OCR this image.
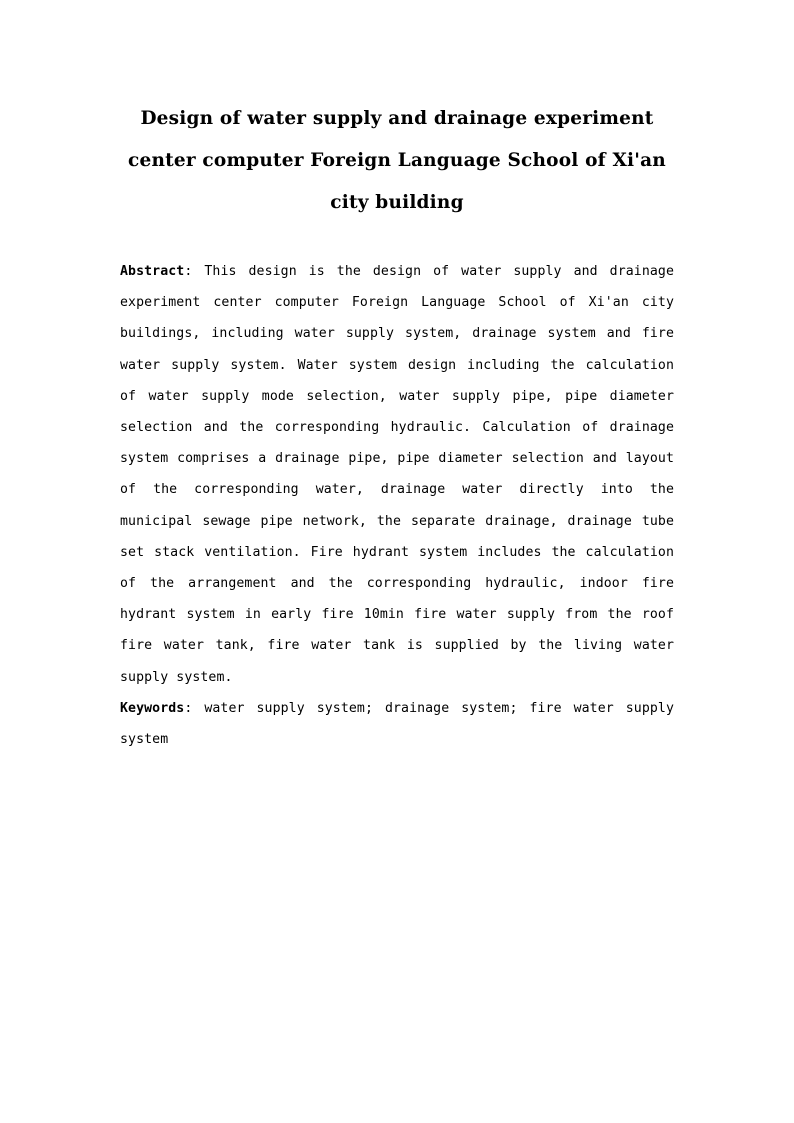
Design of water supply and drainage experiment
center computer Foreign Language School of Xi'an
city building

Abstract: This design is the design of water supply and drainage experiment center computer Foreign Language School of Xi'an city buildings, including water supply system, drainage system and fire water supply system. Water system design including the calculation of water supply mode selection, water supply pipe, pipe diameter selection and the corresponding hydraulic. Calculation of drainage system comprises a drainage pipe, pipe diameter selection and layout of the corresponding water, drainage water directly into the municipal sewage pipe network, the separate drainage, drainage tube set stack ventilation. Fire hydrant system includes the calculation of the arrangement and the corresponding hydraulic, indoor fire hydrant system in early fire 10min fire water supply from the roof fire water tank, fire water tank is supplied by the living water supply system.

Keywords: water supply system; drainage system; fire water supply system
